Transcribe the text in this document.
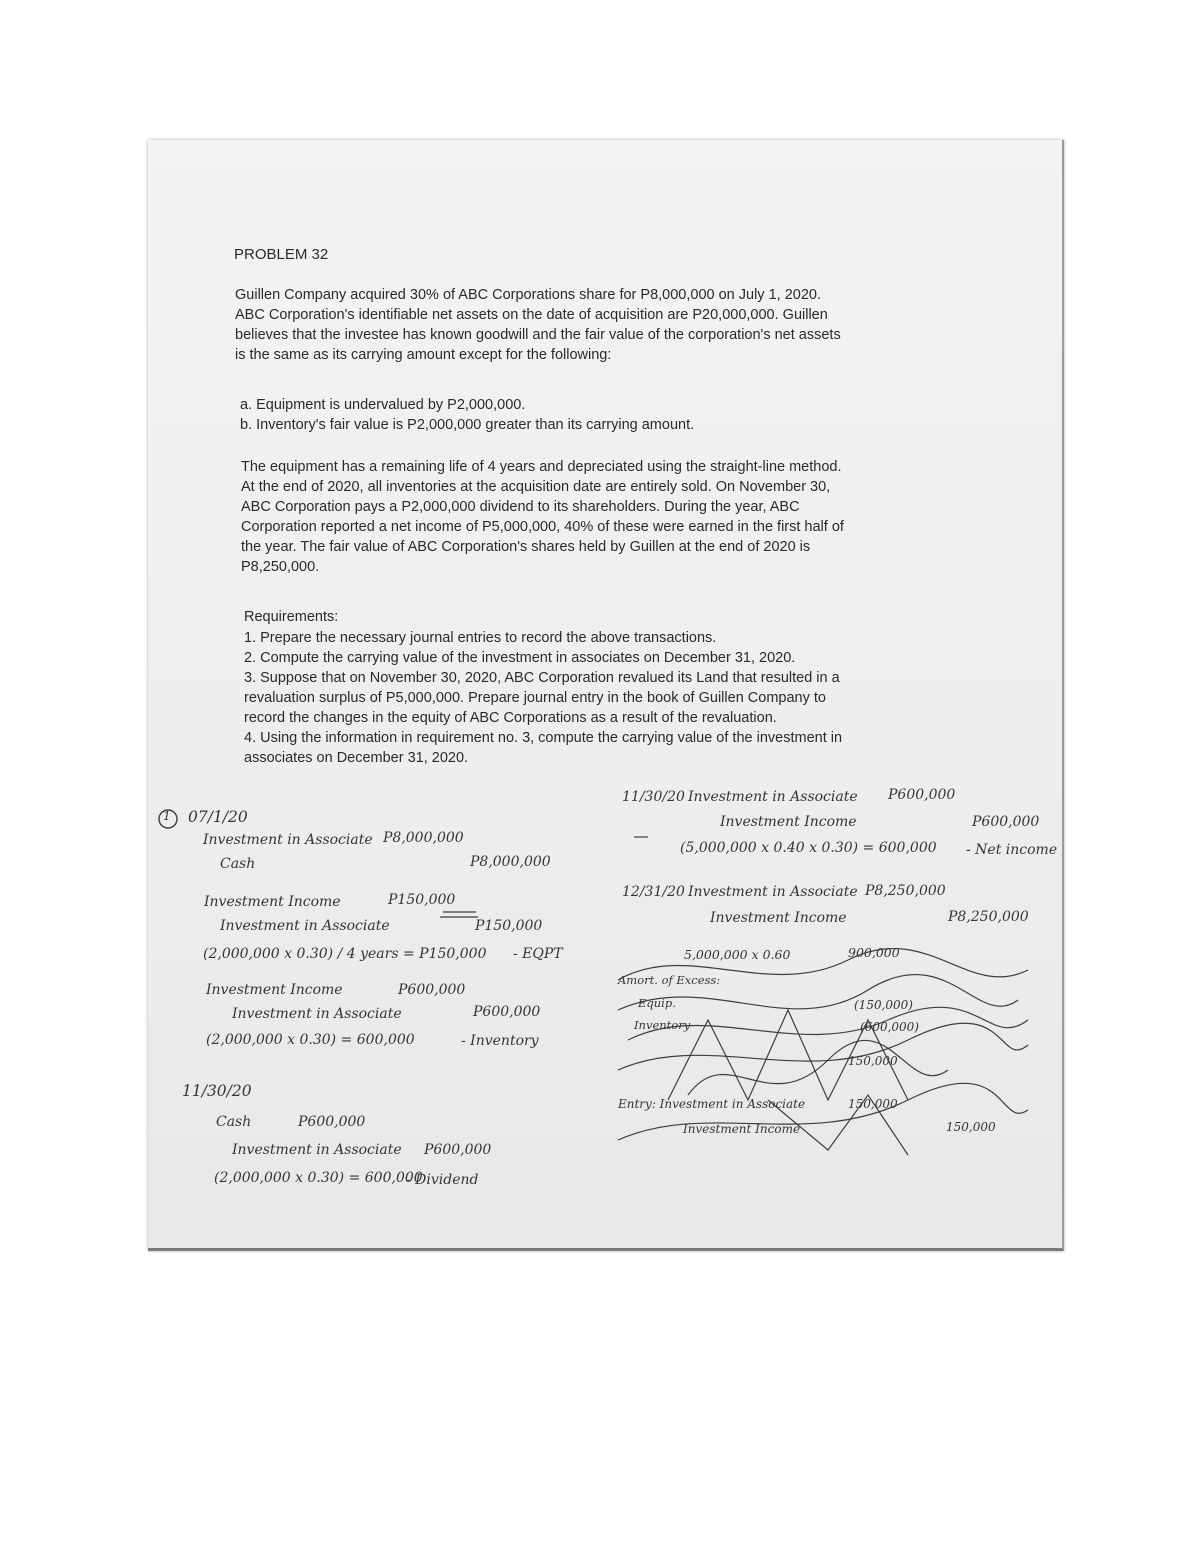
PROBLEM 32
Guillen Company acquired 30% of ABC Corporations share for P8,000,000 on July 1, 2020.
ABC Corporation's identifiable net assets on the date of acquisition are P20,000,000. Guillen
believes that the investee has known goodwill and the fair value of the corporation's net assets
is the same as its carrying amount except for the following:
a. Equipment is undervalued by P2,000,000.
b. Inventory's fair value is P2,000,000 greater than its carrying amount.
The equipment has a remaining life of 4 years and depreciated using the straight-line method.
At the end of 2020, all inventories at the acquisition date are entirely sold. On November 30,
ABC Corporation pays a P2,000,000 dividend to its shareholders. During the year, ABC
Corporation reported a net income of P5,000,000, 40% of these were earned in the first half of
the year. The fair value of ABC Corporation's shares held by Guillen at the end of 2020 is
P8,250,000.
Requirements:
1. Prepare the necessary journal entries to record the above transactions.
2. Compute the carrying value of the investment in associates on December 31, 2020.
3. Suppose that on November 30, 2020, ABC Corporation revalued its Land that resulted in a
revaluation surplus of P5,000,000. Prepare journal entry in the book of Guillen Company to
record the changes in the equity of ABC Corporations as a result of the revaluation.
4. Using the information in requirement no. 3, compute the carrying value of the investment in
associates on December 31, 2020.
1 07/1/20
Investment in Associate P8,000,000
Cash	P8,000,000
Investment Income	P150,000
Investment in Associate	P150,000
(2,000,000 x 0.30) / 4 years = P150,000 - EQPT
Investment Income	P600,000
Investment in Associate	P600,000
(2,000,000 x 0.30) = 600,000	- Inventory
11/30/20
Cash	P600,000
Investment in Associate P600,000
(2,000,000 x 0.30) = 600,000
- Dividend
11/30/20 Investment in Associate P600,000
Investment Income	P600,000
(5,000,000 x 0.40 x 0.30) = 600,000 - Net income
12/31/20 Investment in Associate P8,250,000
Investment Income	P8,250,000
5,000,000 x 0.60	900,000
Amort. of Excess:
Equip.	(150,000)
Inventory	(600,000)
150,000
Entry: Investment in Associate	150,000
Investment Income	150,000
